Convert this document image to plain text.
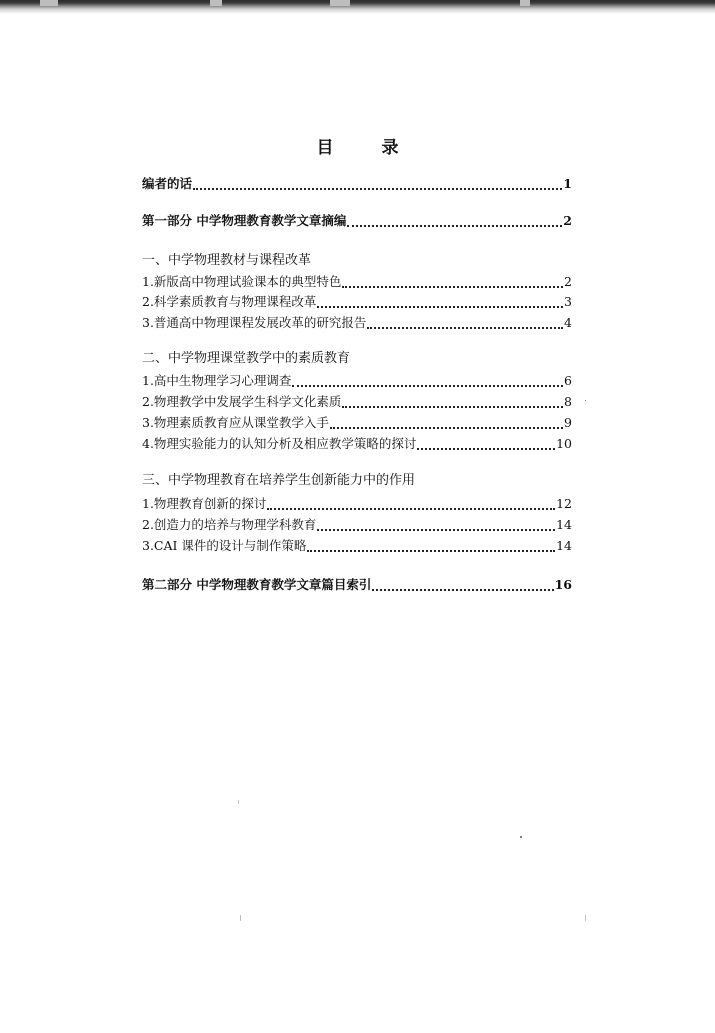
目	录
编者的话	1
第一部分 中学物理教育教学文章摘编	2
一、中学物理教材与课程改革
1.新版高中物理试验课本的典型特色	2
2.科学素质教育与物理课程改革	3
3.普通高中物理课程发展改革的研究报告	4
二、中学物理课堂教学中的素质教育
1.高中生物理学习心理调查	6
2.物理教学中发展学生科学文化素质	8
3.物理素质教育应从课堂教学入手	9
4.物理实验能力的认知分析及相应教学策略的探讨	10
三、中学物理教育在培养学生创新能力中的作用
1.物理教育创新的探讨	12
2.创造力的培养与物理学科教育	14
3.CAI 课件的设计与制作策略	14
第二部分 中学物理教育教学文章篇目索引	16
